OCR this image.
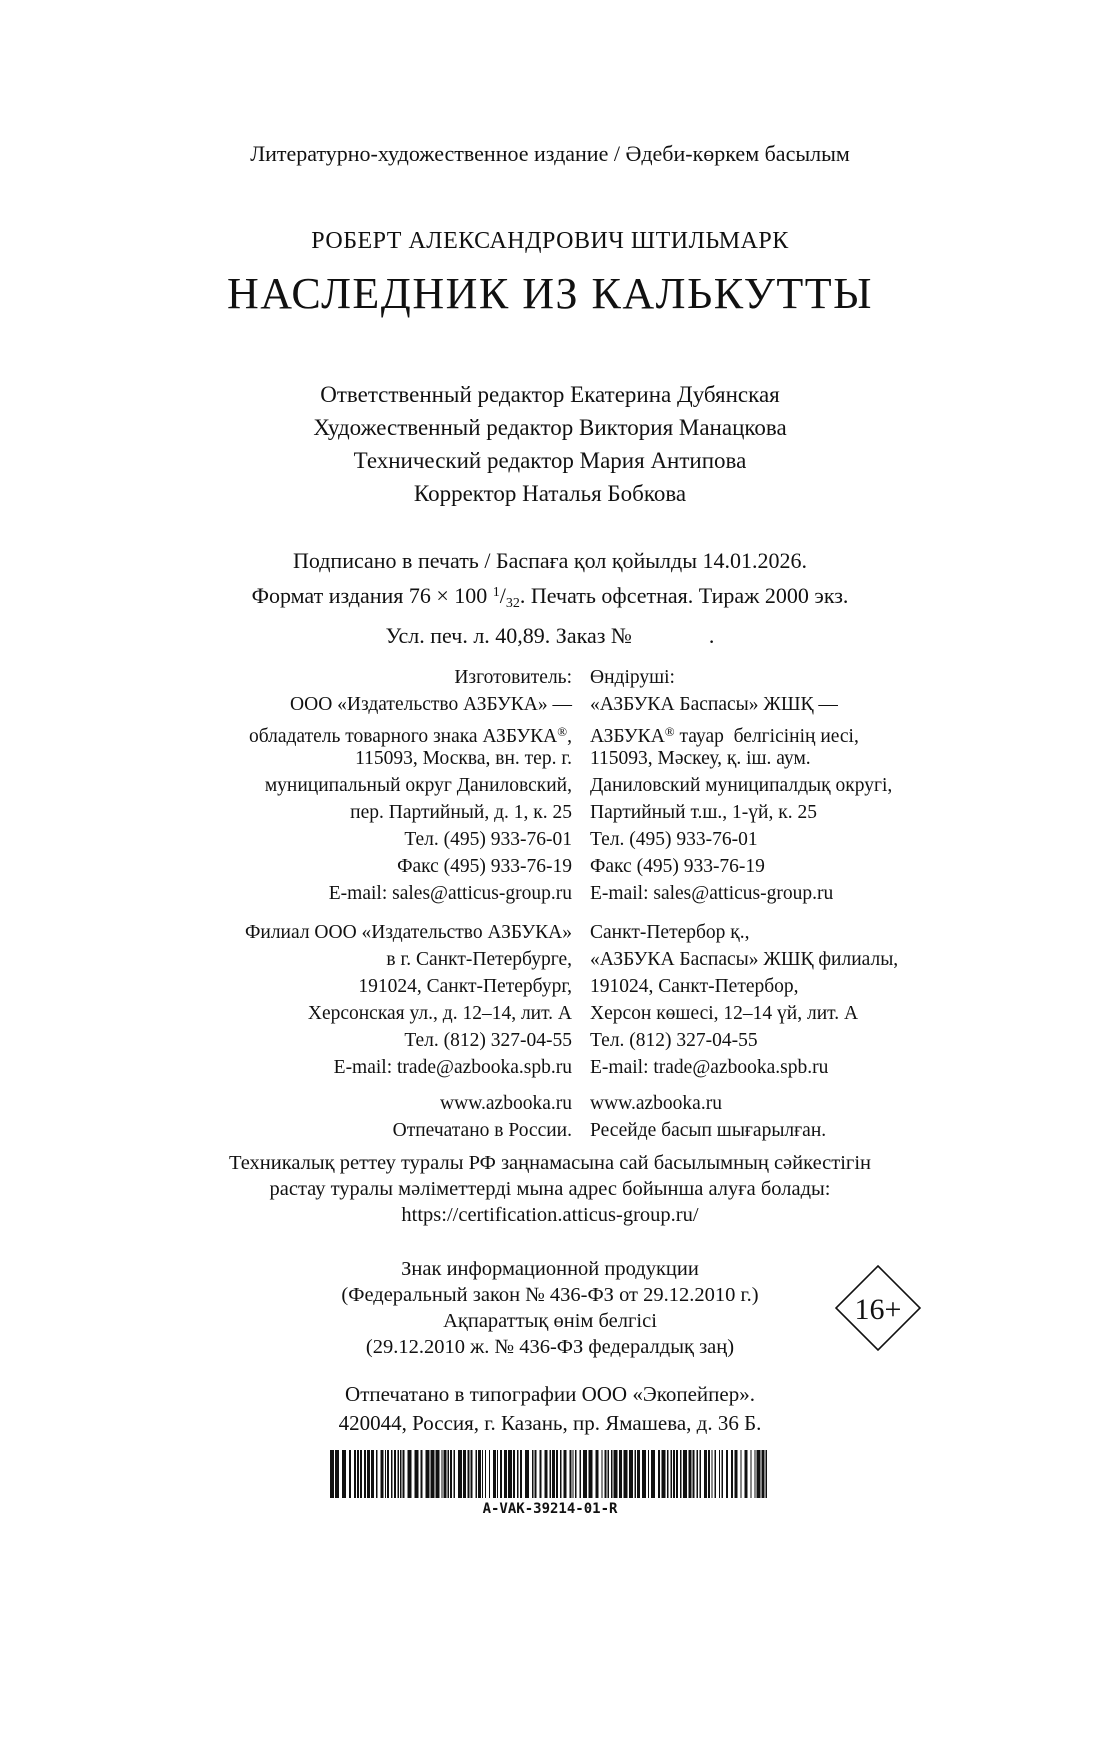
Литературно-художественное издание / Әдеби-көркем басылым
РОБЕРТ АЛЕКСАНДРОВИЧ ШТИЛЬМАРК
НАСЛЕДНИК ИЗ КАЛЬКУТТЫ
Ответственный редактор Екатерина Дубянская
Художественный редактор Виктория Манацкова
Технический редактор Мария Антипова
Корректор Наталья Бобкова
Подписано в печать / Баспаға қол қойылды 14.01.2026.
Формат издания 76 × 100 $^1$/32. Печать офсетная. Тираж 2000 экз.
Усл. печ. л. 40,89. Заказ №              .
Изготовитель:
ООО «Издательство АЗБУКА» —
обладатель товарного знака АЗБУКА®,
115093, Москва, вн. тер. г.
муниципальный округ Даниловский,
пер. Партийный, д. 1, к. 25
Тел. (495) 933-76-01
Факс (495) 933-76-19
E-mail: sales@atticus-group.ru
Филиал ООО «Издательство АЗБУКА»
в г. Санкт-Петербурге,
191024, Санкт-Петербург,
Херсонская ул., д. 12–14, лит. А
Тел. (812) 327-04-55
E-mail: trade@azbooka.spb.ru
www.azbooka.ru
Отпечатано в России.
Өндіруші:
«АЗБУКА Баспасы» ЖШҚ —
АЗБУКА® тауар  белгісінің иесі,
115093, Мәскеу, қ. іш. аум.
Даниловский муниципалдық округі,
Партийный т.ш., 1-үй, к. 25
Тел. (495) 933-76-01
Факс (495) 933-76-19
E-mail: sales@atticus-group.ru
Санкт-Петербор қ.,
«АЗБУКА Баспасы» ЖШҚ филиалы,
191024, Санкт-Петербор,
Херсон көшесі, 12–14 үй, лит. А
Тел. (812) 327-04-55
E-mail: trade@azbooka.spb.ru
www.azbooka.ru
Ресейде басып шығарылған.
Техникалық реттеу туралы РФ заңнамасына сай басылымның сәйкестігін
растау туралы мәліметтерді мына адрес бойынша алуға болады:
https://certification.atticus-group.ru/
Знак информационной продукции
(Федеральный закон № 436-ФЗ от 29.12.2010 г.)
Ақпараттық өнім белгісі
(29.12.2010 ж. № 436-ФЗ федералдық заң)
16+
Отпечатано в типографии ООО «Экопейпер».
420044, Россия, г. Казань, пр. Ямашева, д. 36 Б.
A-VAK-39214-01-R
